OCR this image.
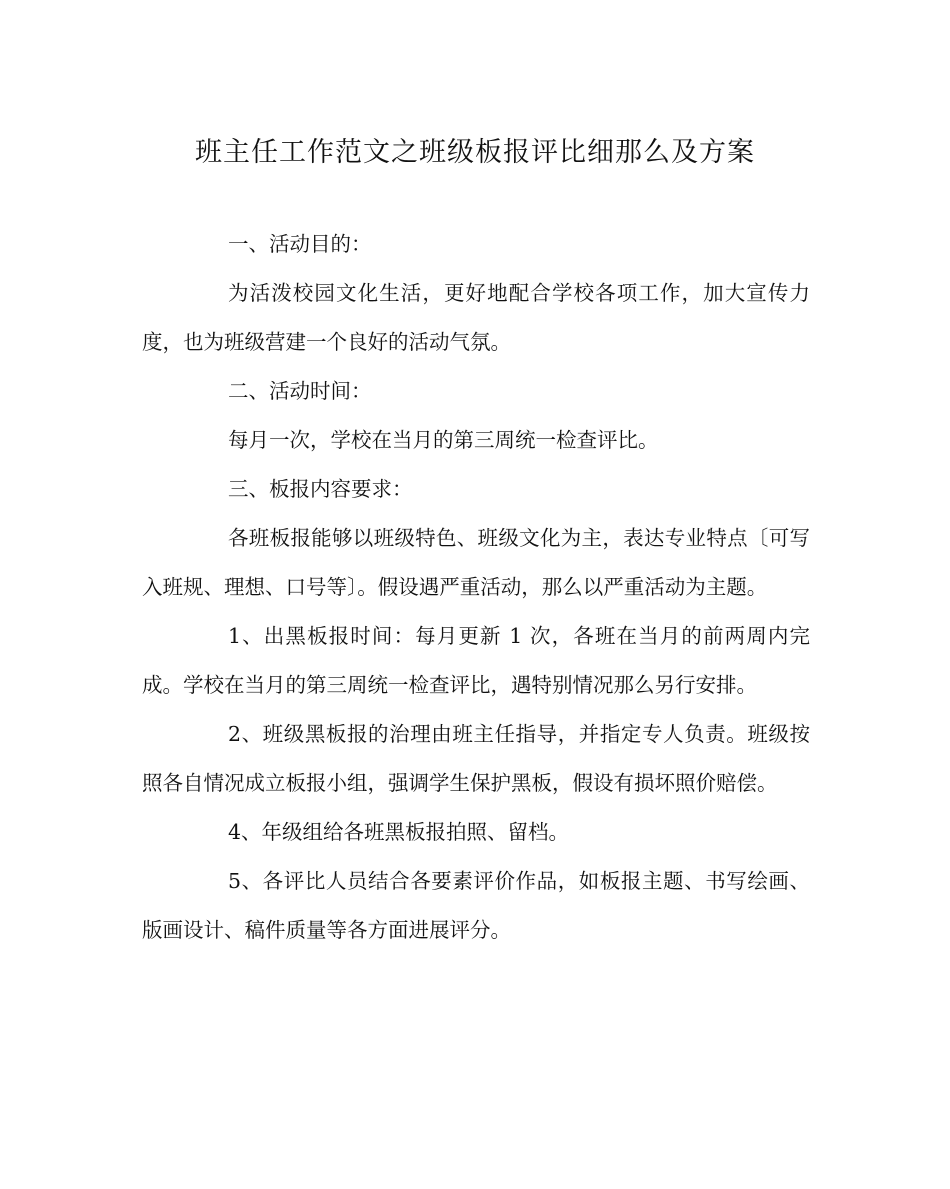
班主任工作范文之班级板报评比细那么及方案

一、活动目的：

为活泼校园文化生活，更好地配合学校各项工作，加大宣传力度，也为班级营建一个良好的活动气氛。

二、活动时间：

每月一次，学校在当月的第三周统一检查评比。

三、板报内容要求：

各班板报能够以班级特色、班级文化为主，表达专业特点〔可写入班规、理想、口号等〕。假设遇严重活动，那么以严重活动为主题。

1、出黑板报时间：每月更新 1 次，各班在当月的前两周内完成。学校在当月的第三周统一检查评比，遇特别情况那么另行安排。

2、班级黑板报的治理由班主任指导，并指定专人负责。班级按照各自情况成立板报小组，强调学生保护黑板，假设有损坏照价赔偿。

4、年级组给各班黑板报拍照、留档。

5、各评比人员结合各要素评价作品，如板报主题、书写绘画、版画设计、稿件质量等各方面进展评分。
